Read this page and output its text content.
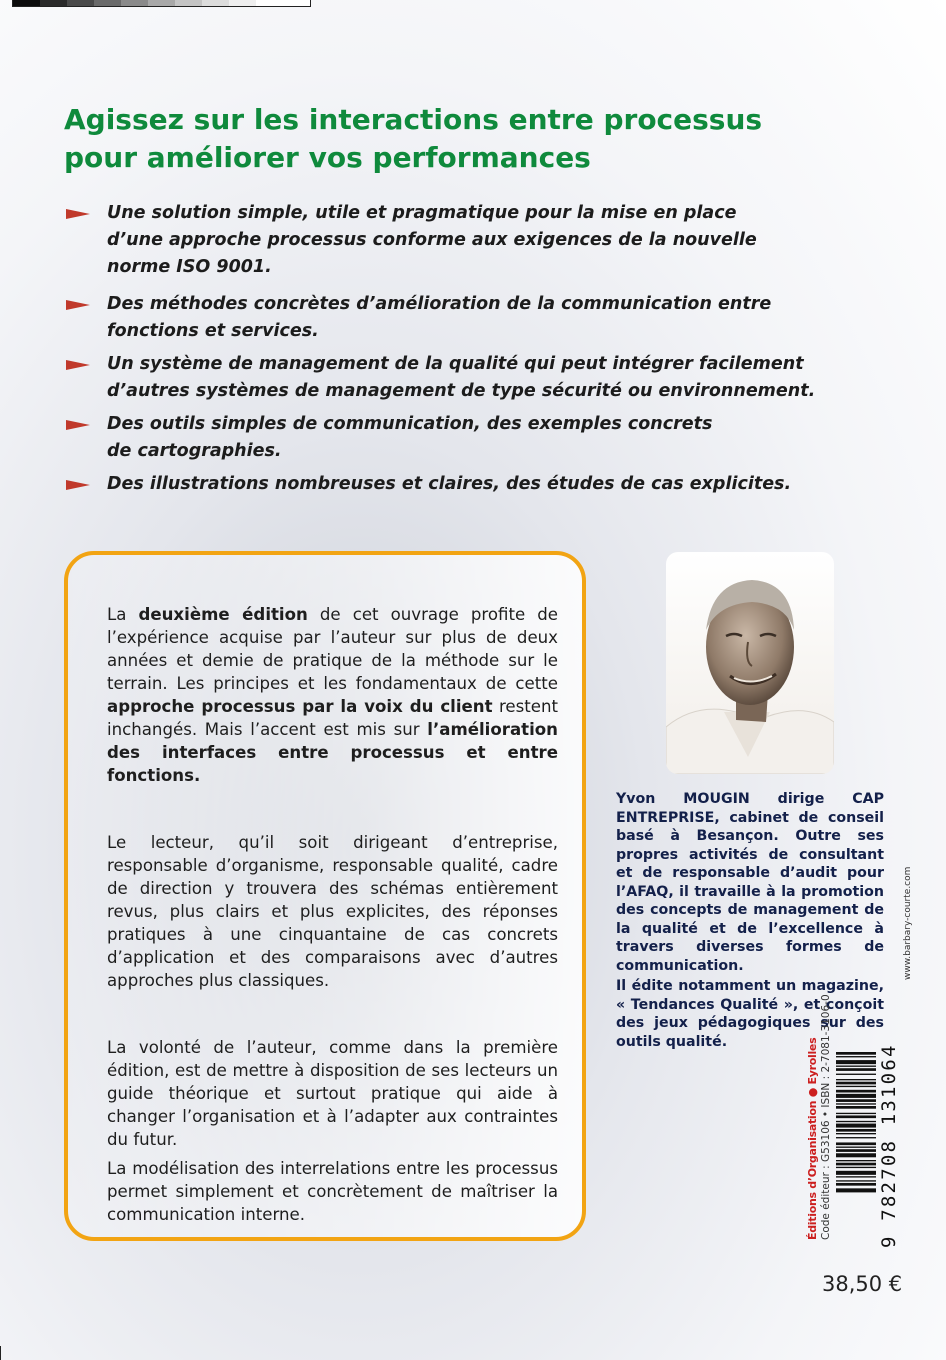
Agissez sur les interactions entre processus
pour améliorer vos performances
Une solution simple, utile et pragmatique pour la mise en place
d’une approche processus conforme aux exigences de la nouvelle
norme ISO 9001.
Des méthodes concrètes d’amélioration de la communication entre
fonctions et services.
Un système de management de la qualité qui peut intégrer facilement
d’autres systèmes de management de type sécurité ou environnement.
Des outils simples de communication, des exemples concrets
de cartographies.
Des illustrations nombreuses et claires, des études de cas explicites.

La deuxième édition de cet ouvrage profite de l’expérience acquise par l’auteur sur plus de deux années et demie de pratique de la méthode sur le terrain. Les principes et les fondamentaux de cette approche processus par la voix du client restent inchangés. Mais l’accent est mis sur l’amélioration des interfaces entre processus et entre fonctions.

Le lecteur, qu’il soit dirigeant d’entreprise, responsable d’organisme, responsable qualité, cadre de direction y trouvera des schémas entièrement revus, plus clairs et plus explicites, des réponses pratiques à une cinquantaine de cas concrets d’application et des comparaisons avec d’autres approches plus classiques.

La volonté de l’auteur, comme dans la première édition, est de mettre à disposition de ses lecteurs un guide théorique et surtout pratique qui aide à changer l’organisation et à l’adapter aux contraintes du futur.

La modélisation des interrelations entre les processus permet simplement et concrètement de maîtriser la communication interne.

Yvon MOUGIN dirige CAP ENTREPRISE, cabinet de conseil basé à Besançon. Outre ses propres activités de consultant et de responsable d’audit pour l’AFAQ, il travaille à la promotion des concepts de management de la qualité et de l’excellence à travers diverses formes de communication.

Il édite notamment un magazine, « Tendances Qualité », et conçoit des jeux pédagogiques sur des outils qualité.

www.barbary-courte.com
Éditions d’Organisation ● Eyrolles Code éditeur : G53106 • ISBN : 2-7081-3106-0 9 782708 131064
38,50 €
